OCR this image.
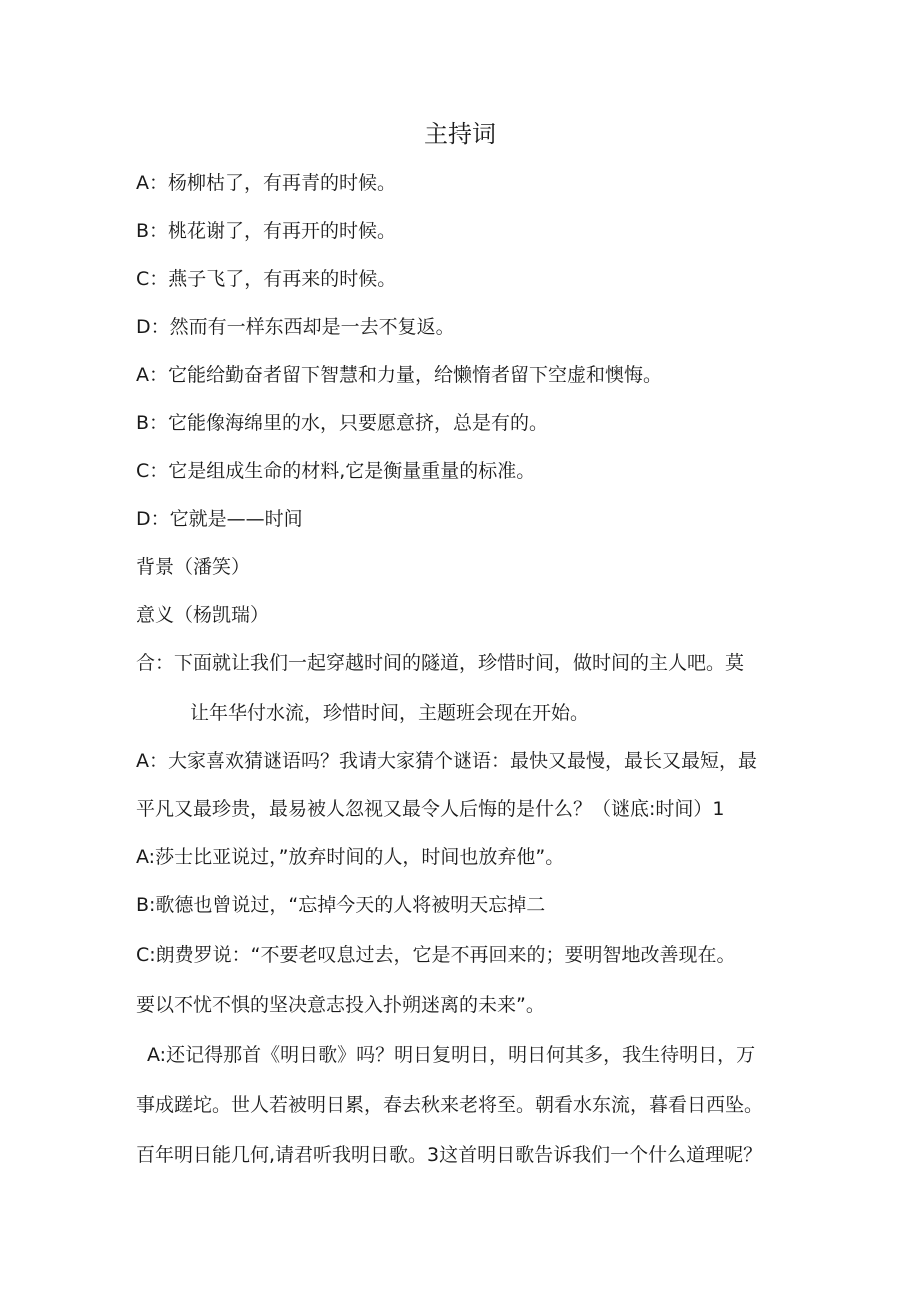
主持词
A：杨柳枯了，有再青的时候。
B：桃花谢了，有再开的时候。
C：燕子飞了，有再来的时候。
D：然而有一样东西却是一去不复返。
A：它能给勤奋者留下智慧和力量，给懒惰者留下空虚和懊悔。
B：它能像海绵里的水，只要愿意挤，总是有的。
C：它是组成生命的材料,它是衡量重量的标准。
D：它就是——时间
背景（潘笑）
意义（杨凯瑞）
合：下面就让我们一起穿越时间的隧道，珍惜时间，做时间的主人吧。莫
让年华付水流，珍惜时间，主题班会现在开始。
A：大家喜欢猜谜语吗？我请大家猜个谜语：最快又最慢，最长又最短，最
平凡又最珍贵，最易被人忽视又最令人后悔的是什么？（谜底:时间）1
A:莎士比亚说过，”放弃时间的人，时间也放弃他”。
B:歌德也曾说过，“忘掉今天的人将被明天忘掉二
C:朗费罗说：“不要老叹息过去，它是不再回来的；要明智地改善现在。
要以不忧不惧的坚决意志投入扑朔迷离的未来”。
A:还记得那首《明日歌》吗？明日复明日，明日何其多，我生待明日，万
事成蹉坨。世人若被明日累，春去秋来老将至。朝看水东流，暮看日西坠。
百年明日能几何,请君听我明日歌。3这首明日歌告诉我们一个什么道理呢？
